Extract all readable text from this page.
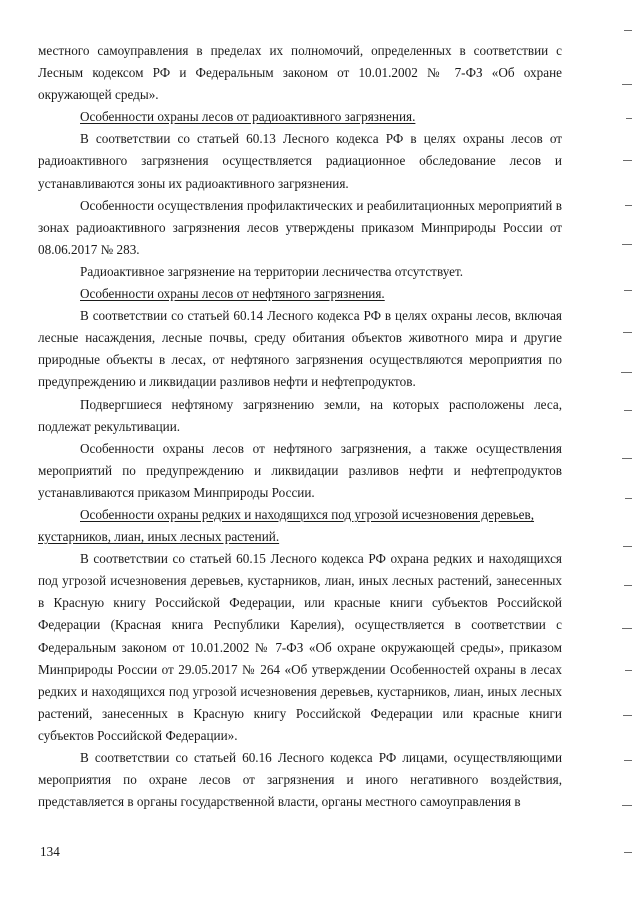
местного самоуправления в пределах их полномочий, определенных в соответствии с Лесным кодексом РФ и Федеральным законом от 10.01.2002 № 7-ФЗ «Об охране окружающей среды».

Особенности охраны лесов от радиоактивного загрязнения.

В соответствии со статьей 60.13 Лесного кодекса РФ в целях охраны лесов от радиоактивного загрязнения осуществляется радиационное обследование лесов и устанавливаются зоны их радиоактивного загрязнения.

Особенности осуществления профилактических и реабилитационных мероприятий в зонах радиоактивного загрязнения лесов утверждены приказом Минприроды России от 08.06.2017 № 283.

Радиоактивное загрязнение на территории лесничества отсутствует.

Особенности охраны лесов от нефтяного загрязнения.

В соответствии со статьей 60.14 Лесного кодекса РФ в целях охраны лесов, включая лесные насаждения, лесные почвы, среду обитания объектов животного мира и другие природные объекты в лесах, от нефтяного загрязнения осуществляются мероприятия по предупреждению и ликвидации разливов нефти и нефтепродуктов.

Подвергшиеся нефтяному загрязнению земли, на которых расположены леса, подлежат рекультивации.

Особенности охраны лесов от нефтяного загрязнения, а также осуществления мероприятий по предупреждению и ликвидации разливов нефти и нефтепродуктов устанавливаются приказом Минприроды России.

Особенности охраны редких и находящихся под угрозой исчезновения деревьев, кустарников, лиан, иных лесных растений.

В соответствии со статьей 60.15 Лесного кодекса РФ охрана редких и находящихся под угрозой исчезновения деревьев, кустарников, лиан, иных лесных растений, занесенных в Красную книгу Российской Федерации, или красные книги субъектов Российской Федерации (Красная книга Республики Карелия), осуществляется в соответствии с Федеральным законом от 10.01.2002 № 7-ФЗ «Об охране окружающей среды», приказом Минприроды России от 29.05.2017 № 264 «Об утверждении Особенностей охраны в лесах редких и находящихся под угрозой исчезновения деревьев, кустарников, лиан, иных лесных растений, занесенных в Красную книгу Российской Федерации или красные книги субъектов Российской Федерации».

В соответствии со статьей 60.16 Лесного кодекса РФ лицами, осуществляющими мероприятия по охране лесов от загрязнения и иного негативного воздействия, представляется в органы государственной власти, органы местного самоуправления в

134
